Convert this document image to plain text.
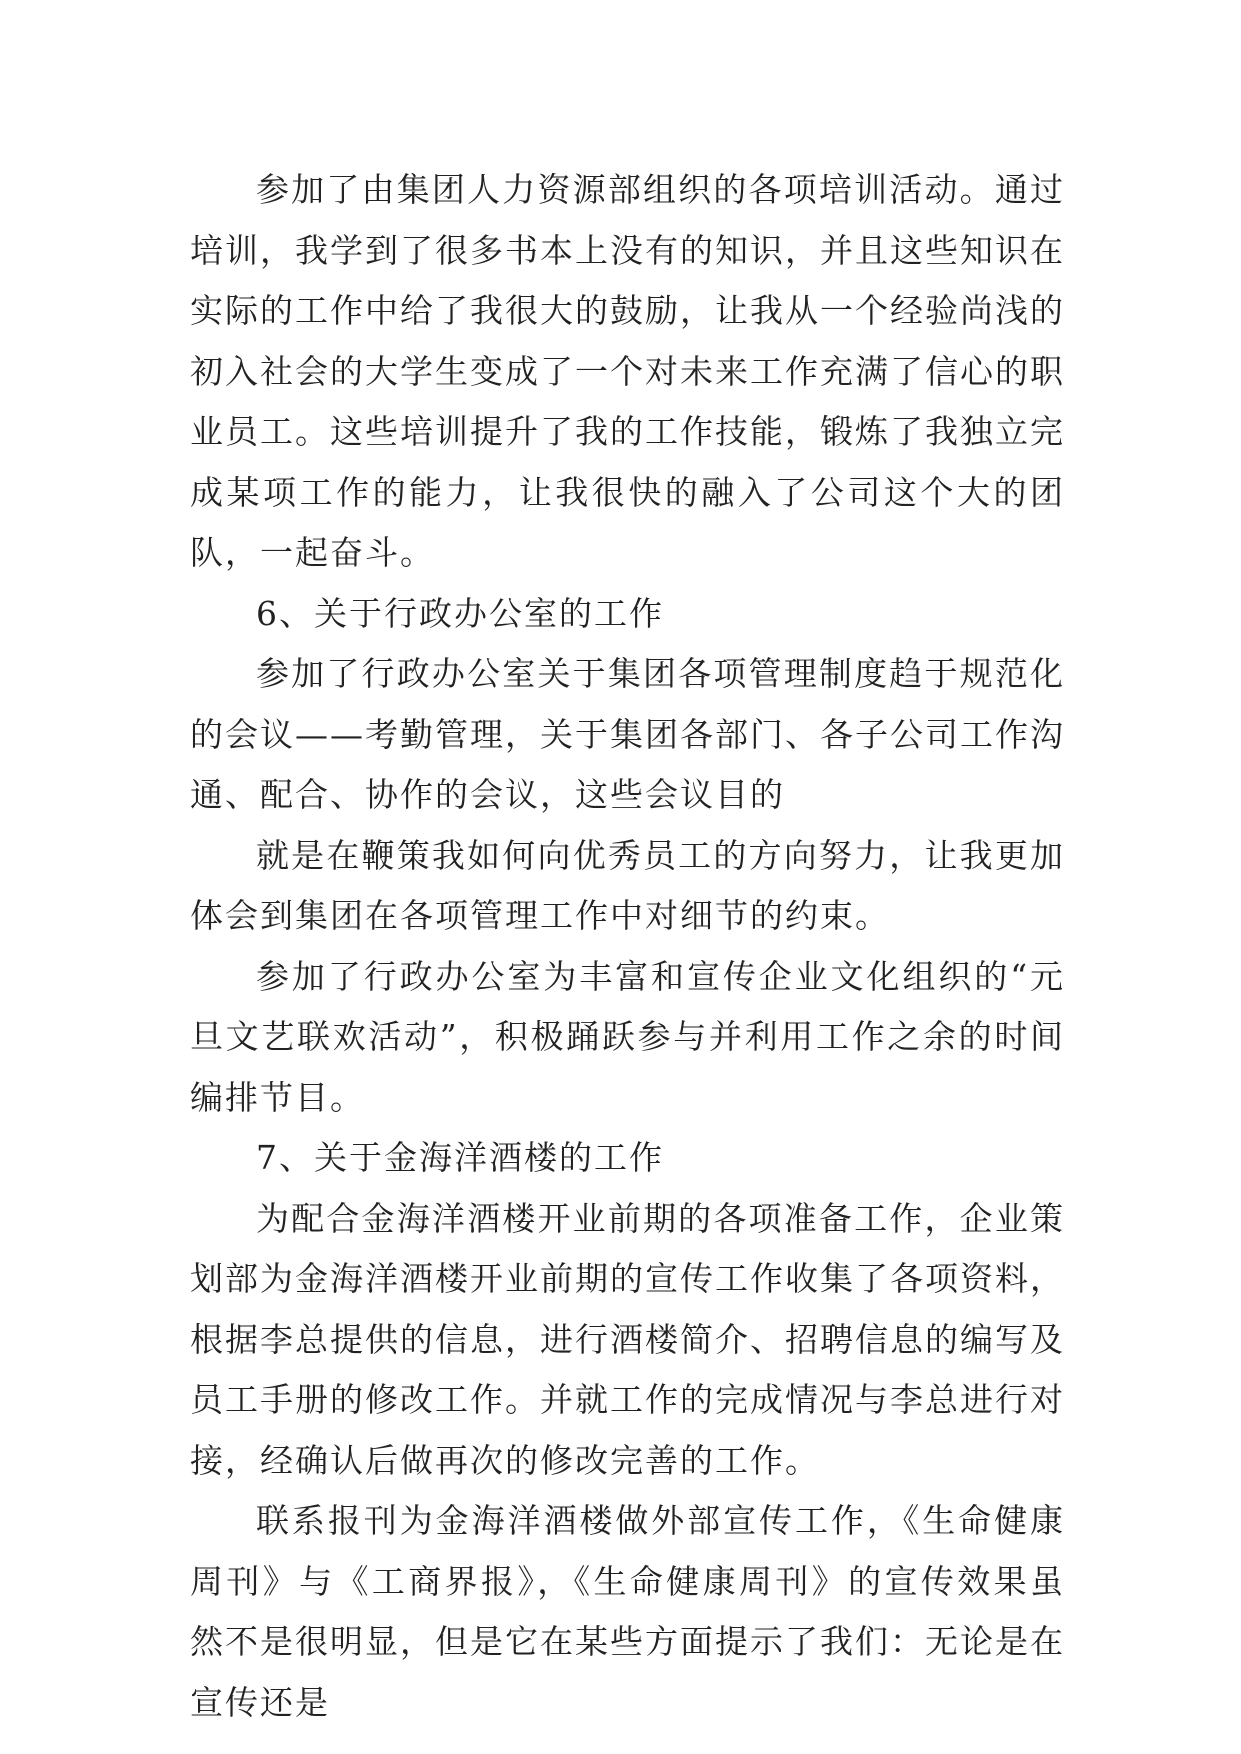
参加了由集团人力资源部组织的各项培训活动。通过培训，我学到了很多书本上没有的知识，并且这些知识在实际的工作中给了我很大的鼓励，让我从一个经验尚浅的初入社会的大学生变成了一个对未来工作充满了信心的职业员工。这些培训提升了我的工作技能，锻炼了我独立完成某项工作的能力，让我很快的融入了公司这个大的团队，一起奋斗。

6、关于行政办公室的工作

参加了行政办公室关于集团各项管理制度趋于规范化的会议——考勤管理，关于集团各部门、各子公司工作沟通、配合、协作的会议，这些会议目的

就是在鞭策我如何向优秀员工的方向努力，让我更加体会到集团在各项管理工作中对细节的约束。

参加了行政办公室为丰富和宣传企业文化组织的“元旦文艺联欢活动”，积极踊跃参与并利用工作之余的时间编排节目。

7、关于金海洋酒楼的工作

为配合金海洋酒楼开业前期的各项准备工作，企业策划部为金海洋酒楼开业前期的宣传工作收集了各项资料，根据李总提供的信息，进行酒楼简介、招聘信息的编写及员工手册的修改工作。并就工作的完成情况与李总进行对接，经确认后做再次的修改完善的工作。

联系报刊为金海洋酒楼做外部宣传工作，《生命健康周刊》与《工商界报》，《生命健康周刊》的宣传效果虽然不是很明显，但是它在某些方面提示了我们：无论是在宣传还是
